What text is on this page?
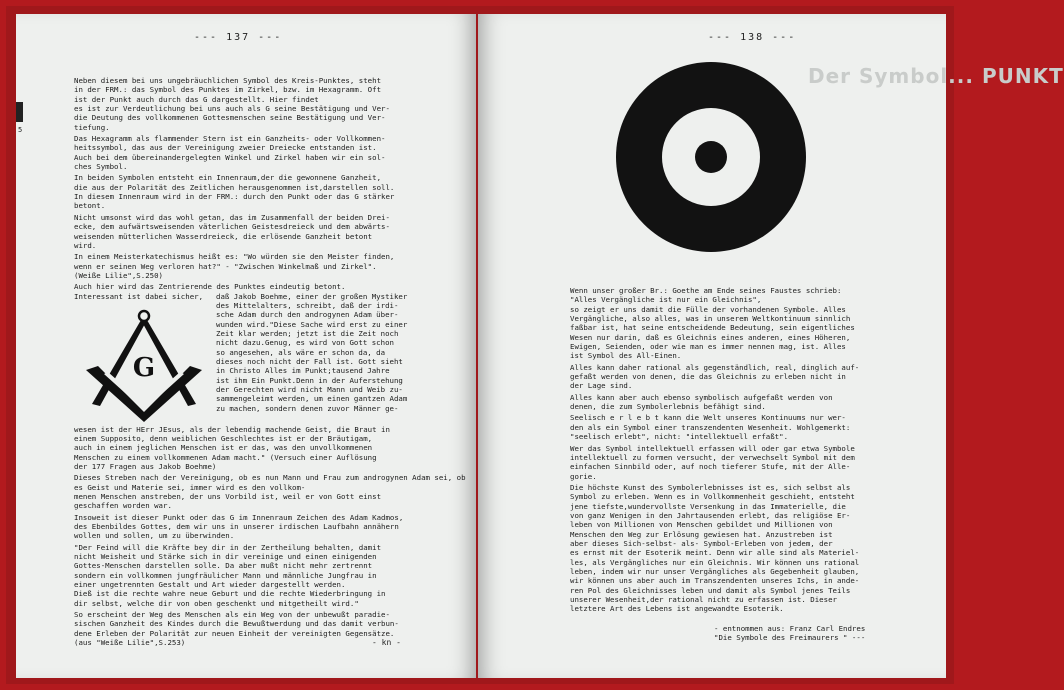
5
--- 137 ---

Neben diesem bei uns ungebräuchlichen Symbol des Kreis-Punktes, steht
in der FRM.: das Symbol des Punktes im Zirkel, bzw. im Hexagramm. Oft
ist der Punkt auch durch das G dargestellt. Hier findet
es ist zur Verdeutlichung bei uns auch als G seine Bestätigung und Ver-
die Deutung des vollkommenen Gottesmenschen seine Bestätigung und Ver-
tiefung.

Das Hexagramm als flammender Stern ist ein Ganzheits- oder Vollkommen-
heitssymbol, das aus der Vereinigung zweier Dreiecke entstanden ist.
Auch bei dem übereinandergelegten Winkel und Zirkel haben wir ein sol-
ches Symbol.

In beiden Symbolen entsteht ein Innenraum,der die gewonnene Ganzheit,
die aus der Polarität des Zeitlichen herausgenommen ist,darstellen soll.
In diesem Innenraum wird in der FRM.: durch den Punkt oder das G stärker
betont.

Nicht umsonst wird das wohl getan, das im Zusammenfall der beiden Drei-
ecke, dem aufwärtsweisenden väterlichen Geistesdreieck und dem abwärts-
weisenden mütterlichen Wasserdreieck, die erlösende Ganzheit betont
wird.

In einem Meisterkatechismus heißt es: "Wo würden sie den Meister finden,
wenn er seinen Weg verloren hat?" - "Zwischen Winkelmaß und Zirkel".
(Weiße Lilie",S.250)

Auch hier wird das Zentrierende des Punktes eindeutig betont.

Interessant ist dabei sicher,
G
daß Jakob Boehme, einer der großen Mystiker
des Mittelalters, schreibt, daß der irdi-
sche Adam durch den androgynen Adam über-
wunden wird."Diese Sache wird erst zu einer
Zeit klar werden; jetzt ist die Zeit noch
nicht dazu.Genug, es wird von Gott schon
so angesehen, als wäre er schon da, da
dieses noch nicht der Fall ist. Gott sieht
in Christo Alles im Punkt;tausend Jahre
ist ihm Ein Punkt.Denn in der Auferstehung
der Gerechten wird nicht Mann und Weib zu-
sammengeleimt werden, um einen gantzen Adam
zu machen, sondern denen zuvor Männer ge-

wesen ist der HErr JEsus, als der lebendig machende Geist, die Braut in
einem Supposito, denn weiblichen Geschlechtes ist er der Bräutigam,
auch in einem jeglichen Menschen ist er das, was den unvollkommenen
Menschen zu einem vollkommenen Adam macht." (Versuch einer Auflösung
der 177 Fragen aus Jakob Boehme)

Dieses Streben nach der Vereinigung, ob es nun Mann und Frau zum androgynen Adam sei, ob es Geist und Materie sei, immer wird es den vollkom-
menen Menschen anstreben, der uns Vorbild ist, weil er von Gott einst
geschaffen worden war.

Insoweit ist dieser Punkt oder das G im Innenraum Zeichen des Adam Kadmos,
des Ebenbildes Gottes, dem wir uns in unserer irdischen Laufbahn annähern
wollen und sollen, um zu überwinden.

"Der Feind will die Kräfte bey dir in der Zertheilung behalten, damit
nicht Weisheit und Stärke sich in dir vereinige und einen einigenden
Gottes-Menschen darstellen solle. Da aber mußt nicht mehr zertrennt
sondern ein vollkommen jungfräulicher Mann und männliche Jungfrau in
einer ungetrennten Gestalt und Art wieder dargestellt werden.
Dieß ist die rechte wahre neue Geburt und die rechte Wiederbringung in
dir selbst, welche dir von oben geschenkt und mitgetheilt wird."

So erscheint der Weg des Menschen als ein Weg von der unbewußt paradie-
sischen Ganzheit des Kindes durch die Bewußtwerdung und das damit verbun-
dene Erleben der Polarität zur neuen Einheit der vereinigten Gegensätze.
(aus "Weiße Lilie",S.253)	- kn -
--- 138 ---
Der Symbol... PUNKT

Wenn unser großer Br.: Goethe am Ende seines Faustes schrieb:
"Alles Vergängliche ist nur ein Gleichnis",
so zeigt er uns damit die Fülle der vorhandenen Symbole. Alles
Vergängliche, also alles, was in unserem Weltkontinuum sinnlich
faßbar ist, hat seine entscheidende Bedeutung, sein eigentliches
Wesen nur darin, daß es Gleichnis eines anderen, eines Höheren,
Ewigen, Seienden, oder wie man es immer nennen mag, ist. Alles
ist Symbol des All-Einen.

Alles kann daher rational als gegenständlich, real, dinglich auf-
gefaßt werden von denen, die das Gleichnis zu erleben nicht in
der Lage sind.

Alles kann aber auch ebenso symbolisch aufgefaßt werden von
denen, die zum Symbolerlebnis befähigt sind.

Seelisch e r l e b t kann die Welt unseres Kontinuums nur wer-
den als ein Symbol einer transzendenten Wesenheit. Wohlgemerkt:
"seelisch erlebt", nicht: "intellektuell erfaßt".

Wer das Symbol intellektuell erfassen will oder gar etwa Symbole
intellektuell zu formen versucht, der verwechselt Symbol mit dem
einfachen Sinnbild oder, auf noch tieferer Stufe, mit der Alle-
gorie.

Die höchste Kunst des Symbolerlebnisses ist es, sich selbst als
Symbol zu erleben. Wenn es in Vollkommenheit geschieht, entsteht
jene tiefste,wundervollste Versenkung in das Immaterielle, die
von ganz Wenigen in den Jahrtausenden erlebt, das religiöse Er-
leben von Millionen von Menschen gebildet und Millionen von
Menschen den Weg zur Erlösung gewiesen hat. Anzustreben ist
aber dieses Sich-selbst- als- Symbol-Erleben von jedem, der
es ernst mit der Esoterik meint. Denn wir alle sind als Materiel-
les, als Vergängliches nur ein Gleichnis. Wir können uns rational
leben, indem wir nur unser Vergängliches als Gegebenheit glauben,
wir können uns aber auch im Transzendenten unseres Ichs, in ande-
ren Pol des Gleichnisses leben und damit als Symbol jenes Teils
unserer Wesenheit,der rational nicht zu erfassen ist. Dieser
letztere Art des Lebens ist angewandte Esoterik.

- entnommen aus: Franz Carl Endres
"Die Symbole des Freimaurers " ---
